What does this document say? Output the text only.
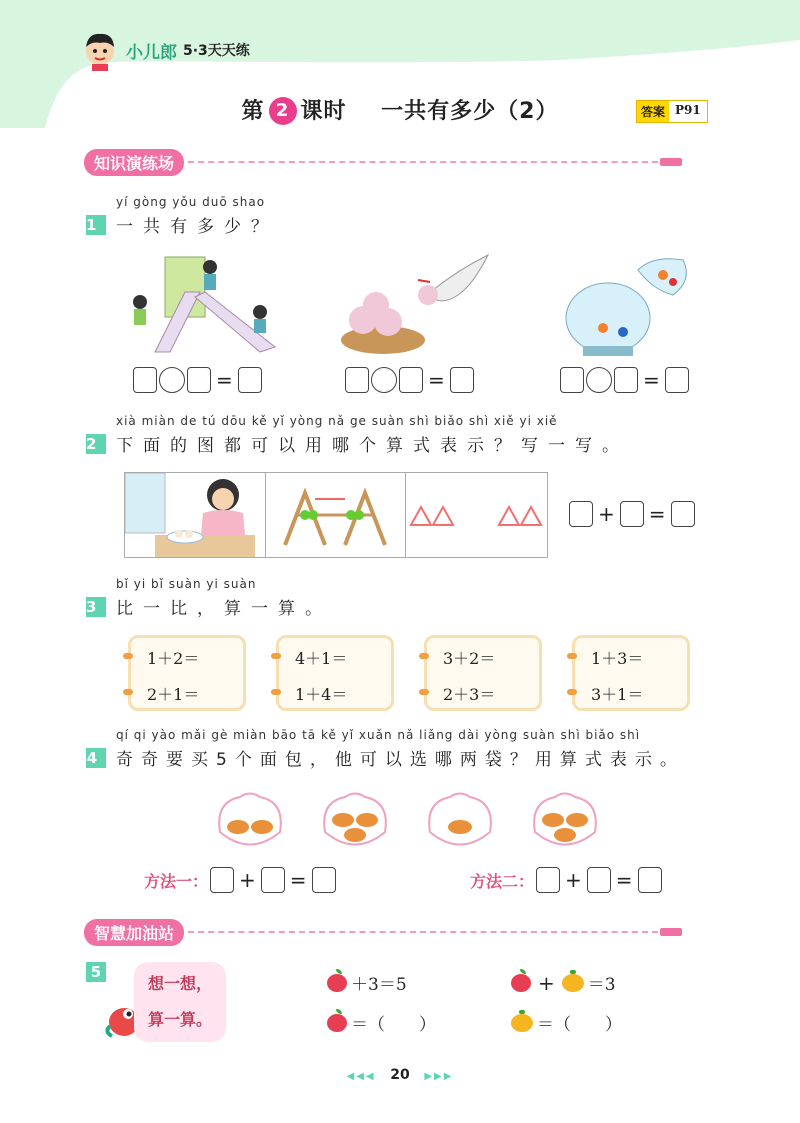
小儿郎 5·3天天练
第 2 课时 一共有多少（2）	答案 P91
知识演练场
yí gòng yǒu duō shao
1 一共有多少？
=	=	=
xià miàn de tú dōu kě yǐ yòng nǎ ge suàn shì biǎo shì xiě yi xiě
2 下面的图都可以用哪个算式表示？写一写。
+ =
bǐ yi bǐ suàn yi suàn
3 比一比，算一算。
1＋2＝
2＋1＝
4＋1＝
1＋4＝
3＋2＝
2＋3＝
1＋3＝
3＋1＝
qí qi yào mǎi gè miàn bāo tā kě yǐ xuǎn nǎ liǎng dài yòng suàn shì biǎo shì
4 奇奇要买5个面包，他可以选哪两袋？用算式表示。
方法一： + =	方法二： + =
智慧加油站
5
想一想，
算一算。
＋3＝5	+ ＝3
＝（　　）	＝（　　）
◀◀◀ 20 ▶▶▶
